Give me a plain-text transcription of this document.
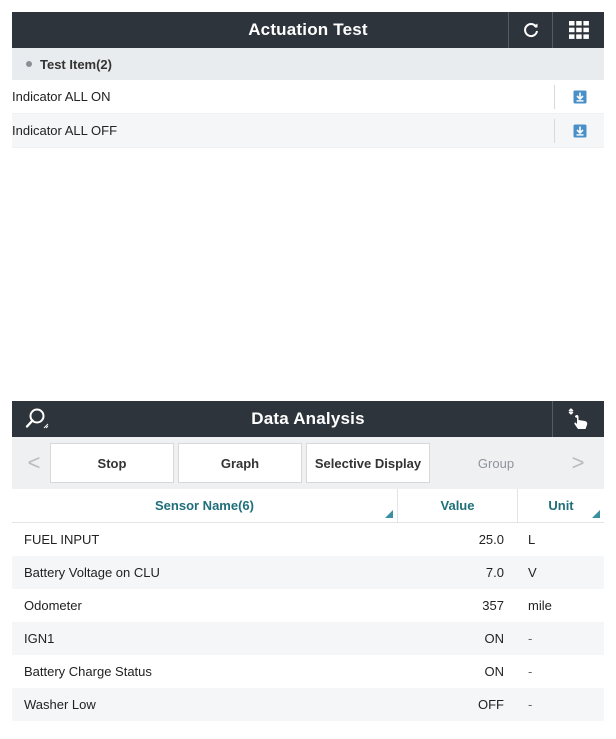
Actuation Test
Test Item(2)
Indicator ALL ON
Indicator ALL OFF
Data Analysis
<	Stop	Graph	Selective Display	Group	>
Sensor Name(6)	Value	Unit
FUEL INPUT	25.0	L
Battery Voltage on CLU	7.0	V
Odometer	357	mile
IGN1	ON	-
Battery Charge Status	ON	-
Washer Low	OFF	-
